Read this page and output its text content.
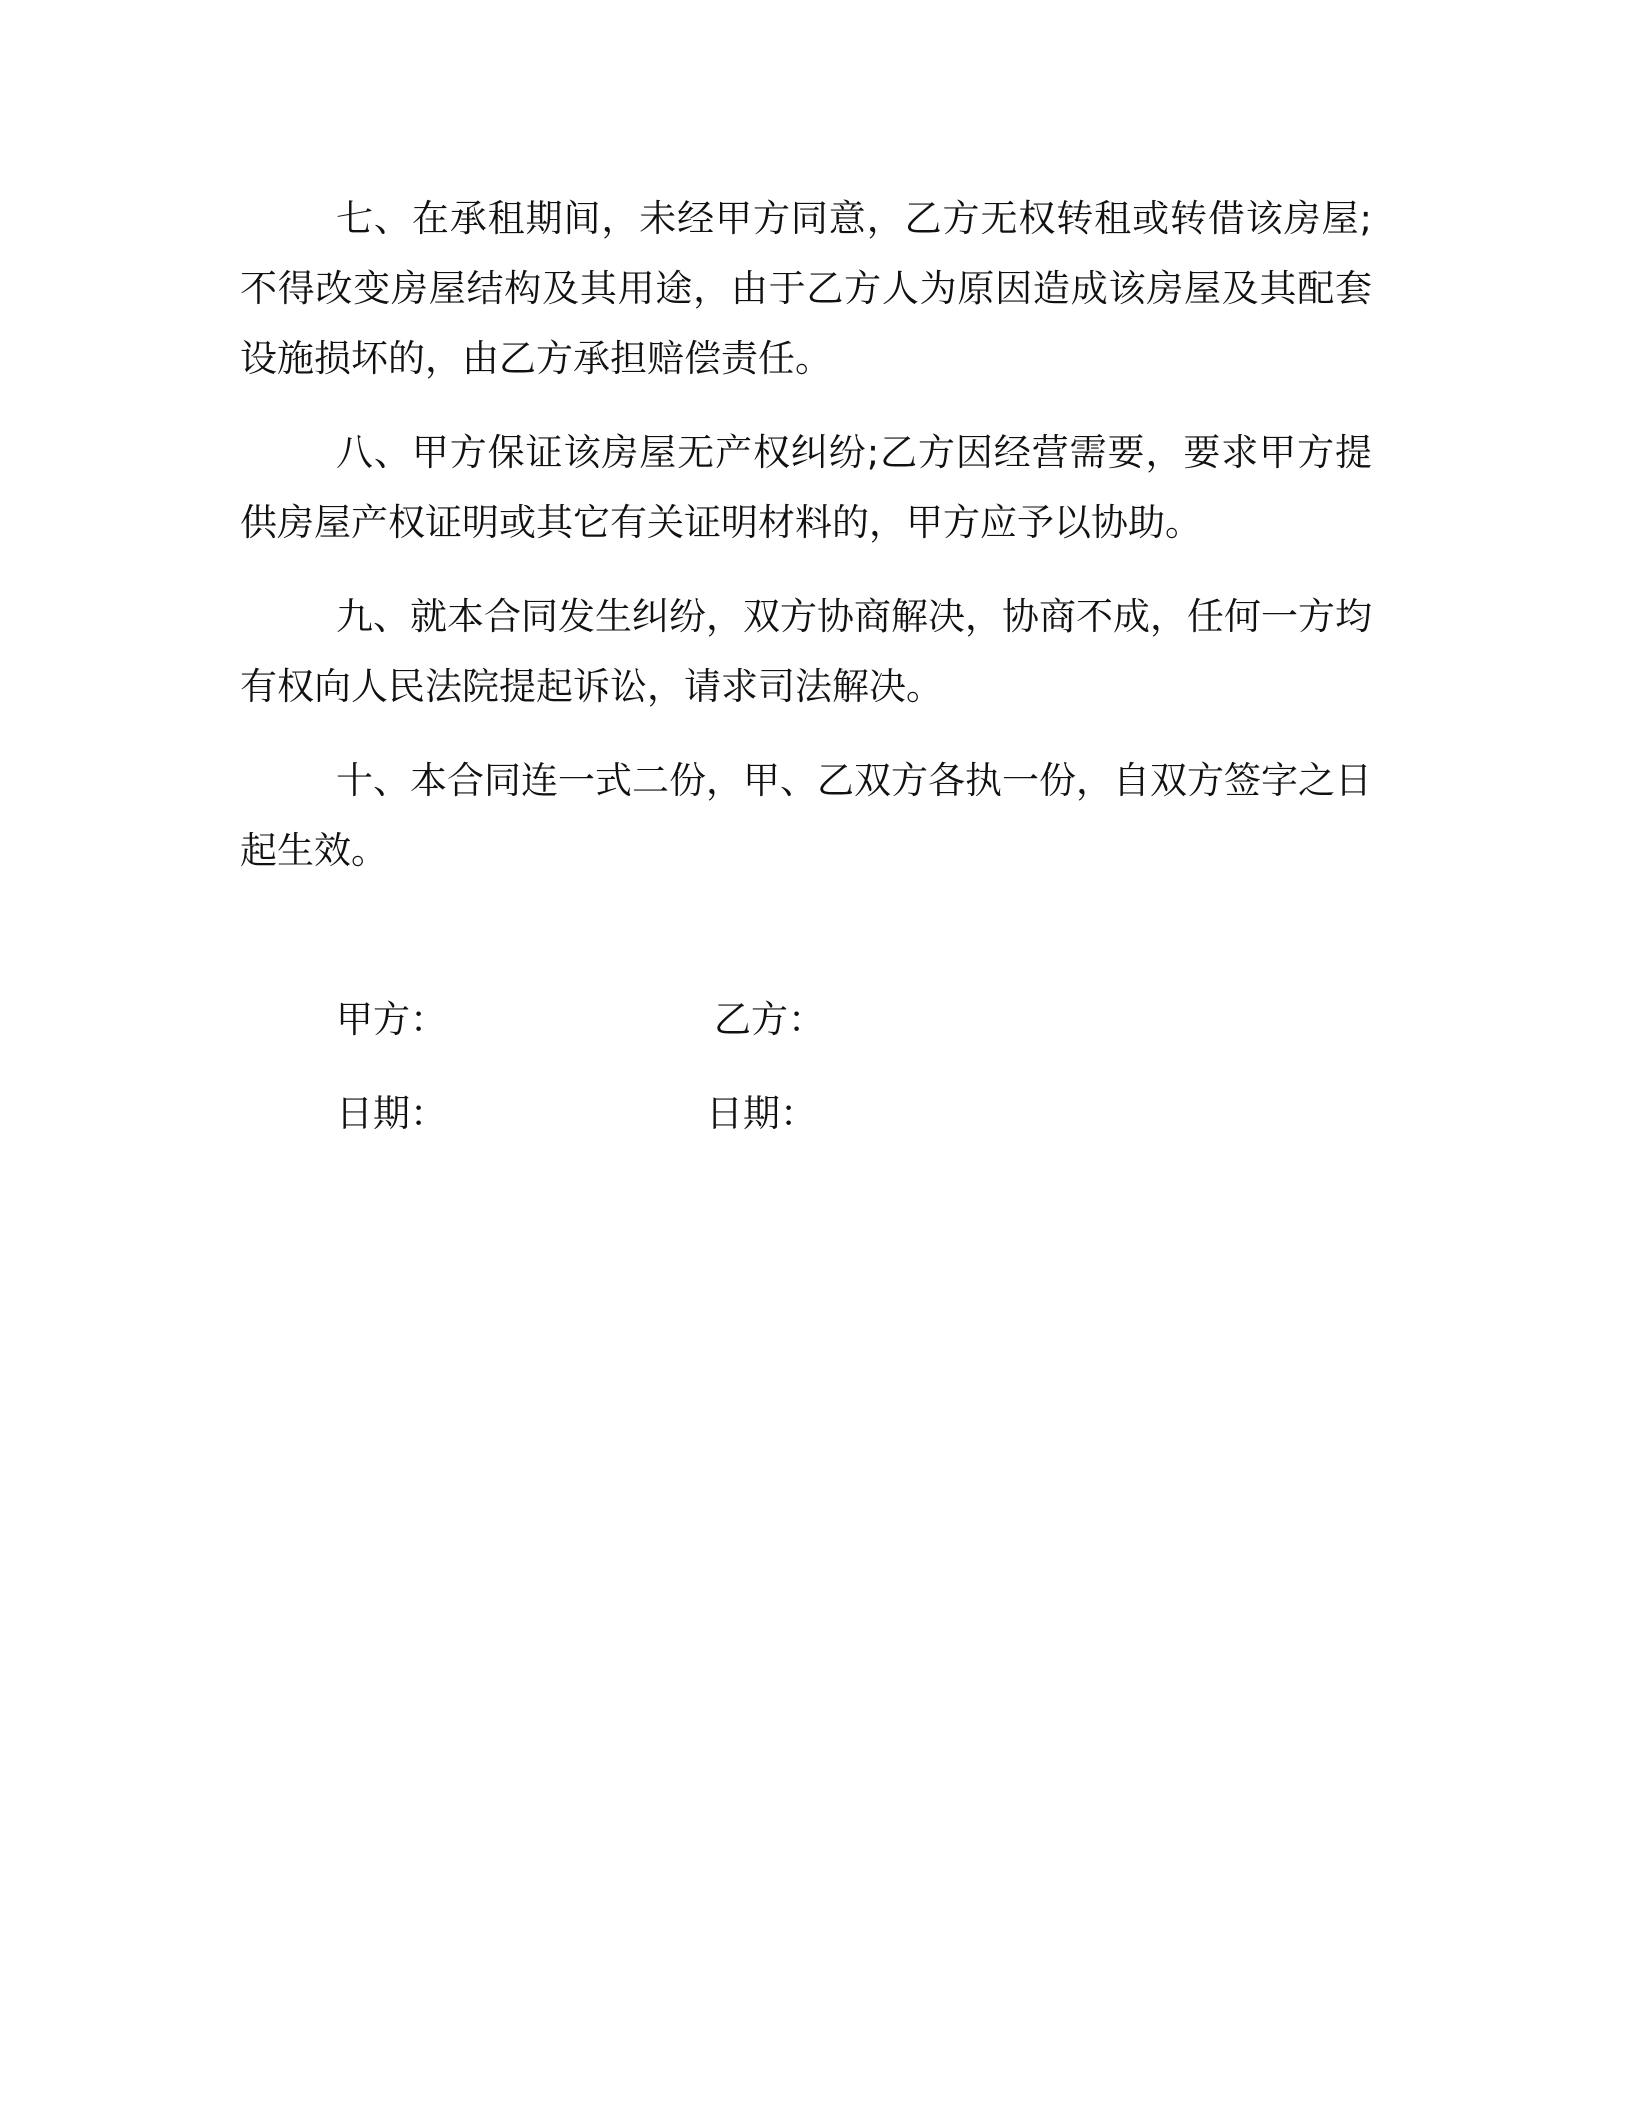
七、在承租期间，未经甲方同意，乙方无权转租或转借该房屋;不得改变房屋结构及其用途，由于乙方人为原因造成该房屋及其配套设施损坏的，由乙方承担赔偿责任。

八、甲方保证该房屋无产权纠纷;乙方因经营需要，要求甲方提供房屋产权证明或其它有关证明材料的，甲方应予以协助。

九、就本合同发生纠纷，双方协商解决，协商不成，任何一方均有权向人民法院提起诉讼，请求司法解决。

十、本合同连一式二份，甲、乙双方各执一份，自双方签字之日起生效。

甲方：	乙方：
日期：	日期：
